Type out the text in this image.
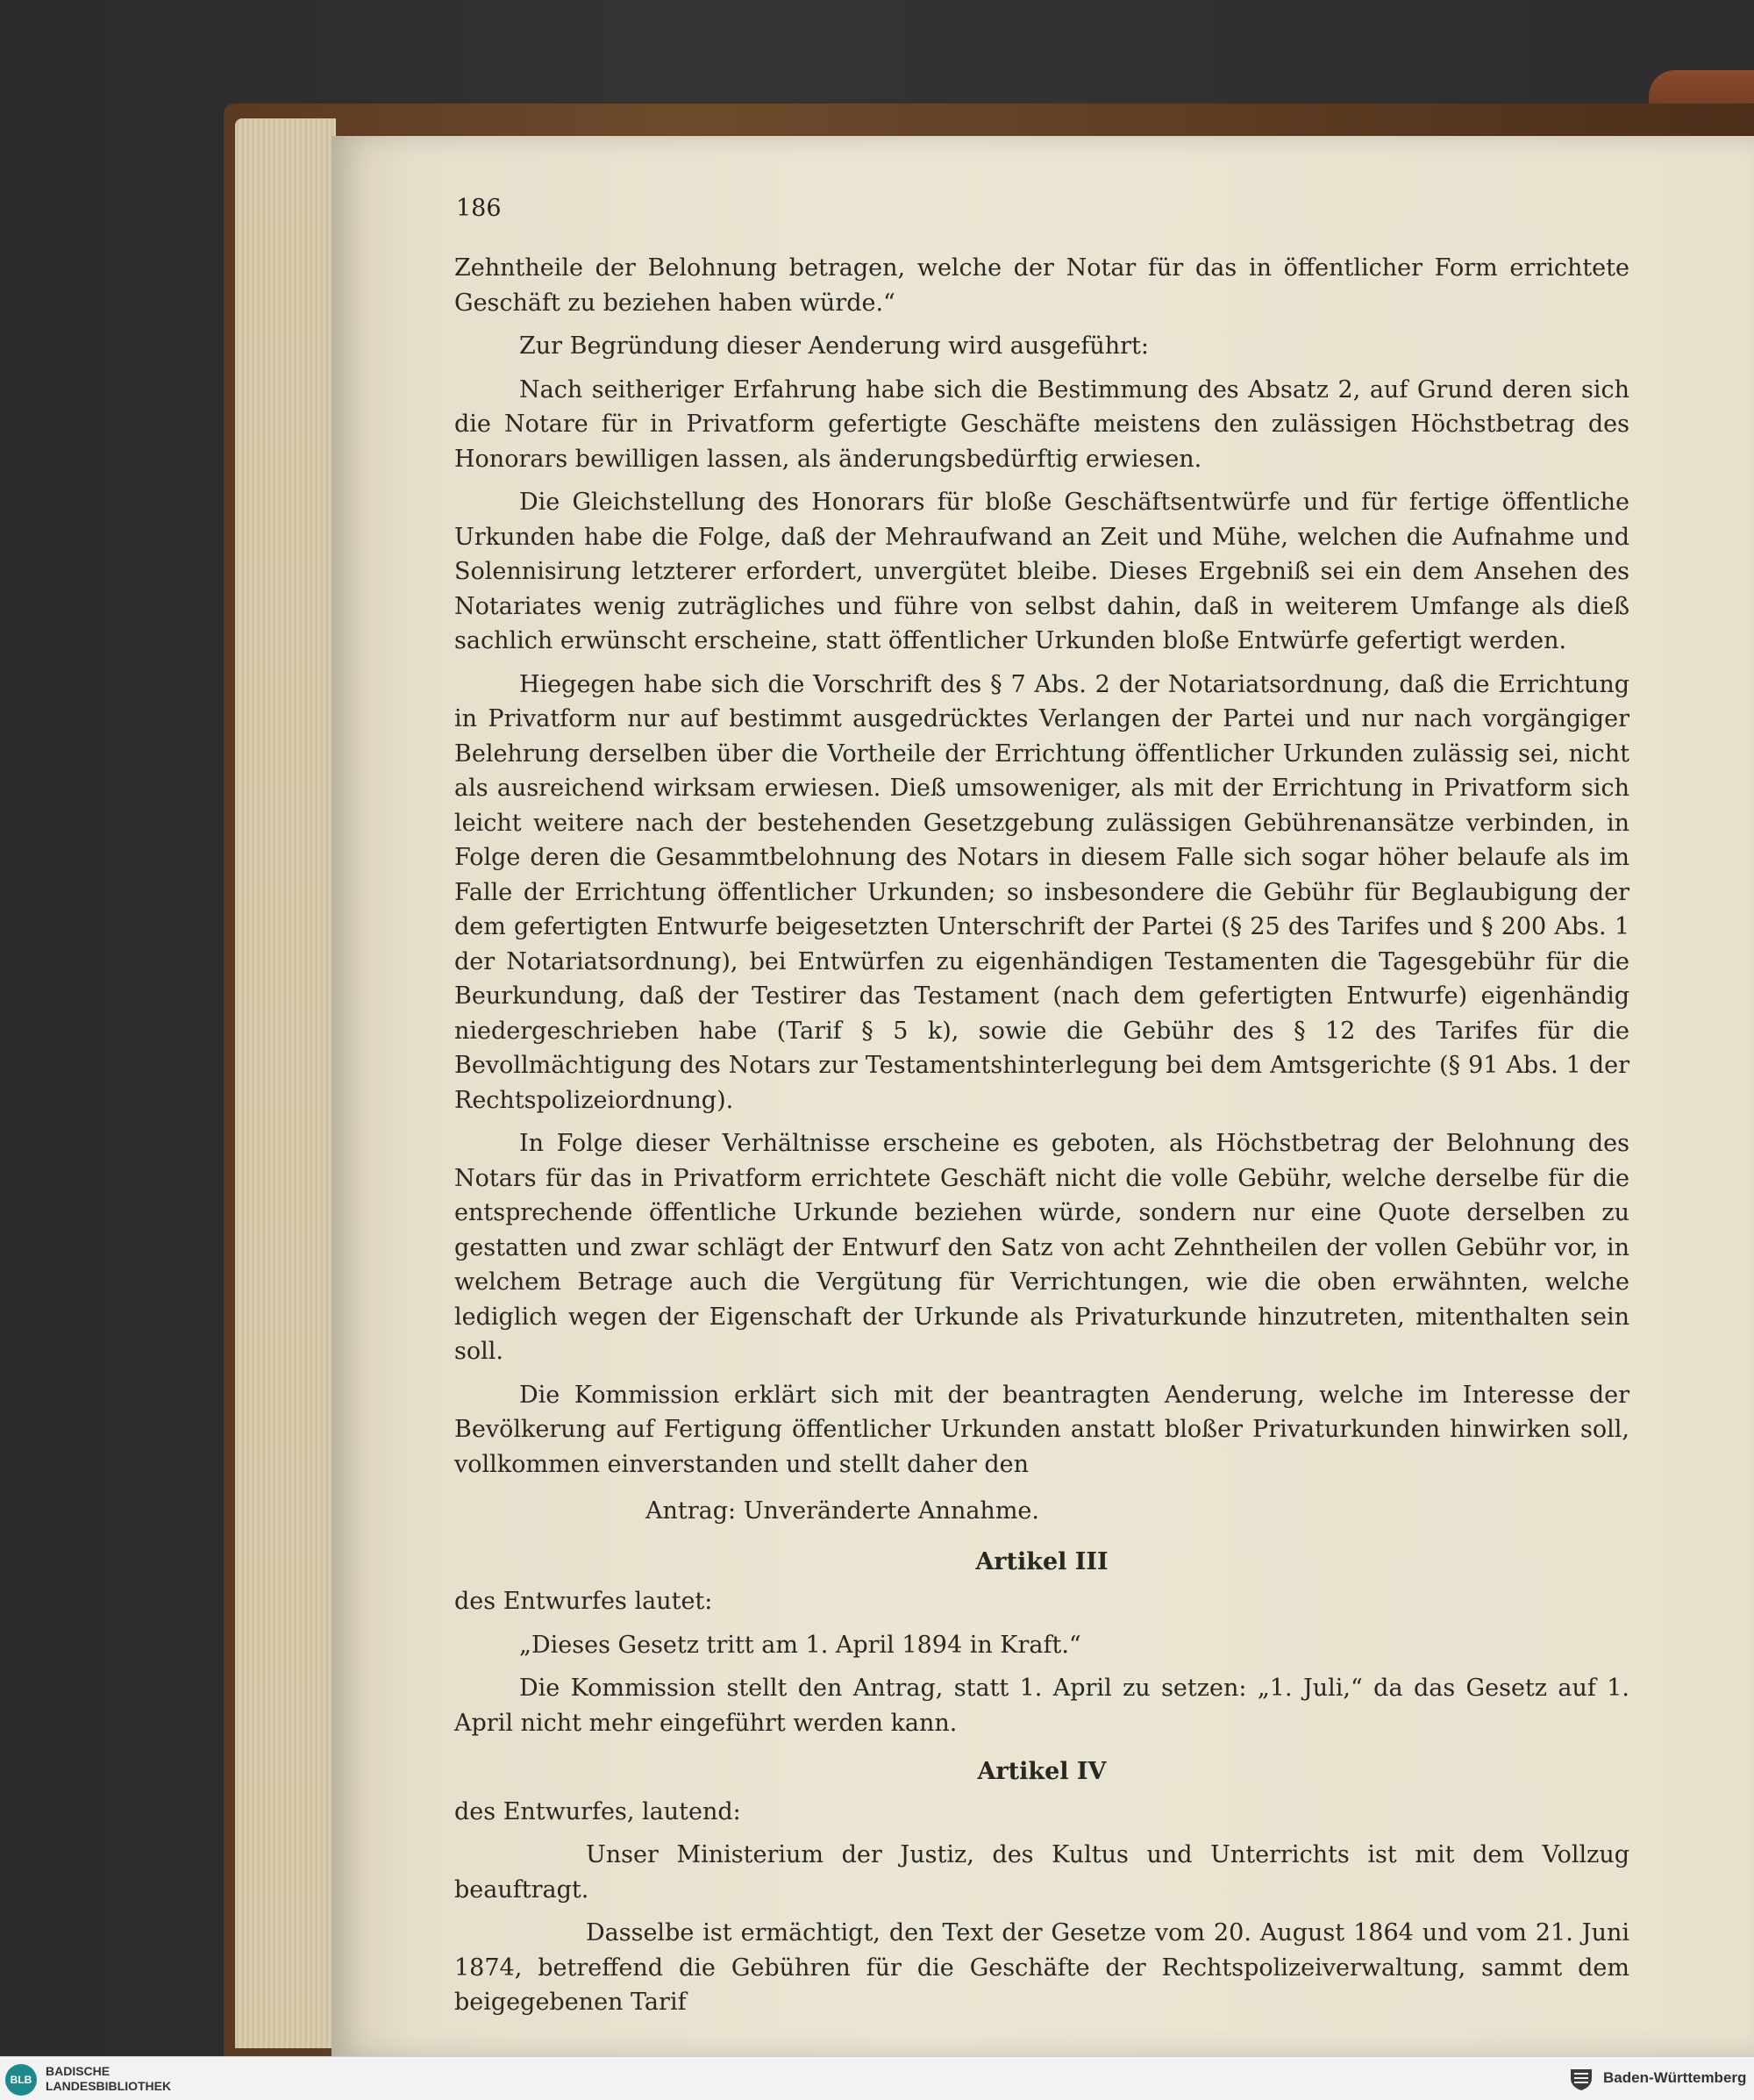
186

Zehntheile der Belohnung betragen, welche der Notar für das in öffentlicher Form errichtete Geschäft zu beziehen haben würde.“

Zur Begründung dieser Aenderung wird ausgeführt:

Nach seitheriger Erfahrung habe sich die Bestimmung des Absatz 2, auf Grund deren sich die Notare für in Privatform gefertigte Geschäfte meistens den zulässigen Höchstbetrag des Honorars bewilligen lassen, als änderungsbedürftig erwiesen.

Die Gleichstellung des Honorars für bloße Geschäftsentwürfe und für fertige öffentliche Urkunden habe die Folge, daß der Mehraufwand an Zeit und Mühe, welchen die Aufnahme und Solennisirung letzterer erfordert, unvergütet bleibe. Dieses Ergebniß sei ein dem Ansehen des Notariates wenig zuträgliches und führe von selbst dahin, daß in weiterem Umfange als dieß sachlich erwünscht erscheine, statt öffentlicher Urkunden bloße Entwürfe gefertigt werden.

Hiegegen habe sich die Vorschrift des § 7 Abs. 2 der Notariatsordnung, daß die Errichtung in Privatform nur auf bestimmt ausgedrücktes Verlangen der Partei und nur nach vorgängiger Belehrung derselben über die Vortheile der Errichtung öffentlicher Urkunden zulässig sei, nicht als ausreichend wirksam erwiesen. Dieß umsoweniger, als mit der Errichtung in Privatform sich leicht weitere nach der bestehenden Gesetzgebung zulässigen Gebührenansätze verbinden, in Folge deren die Gesammtbelohnung des Notars in diesem Falle sich sogar höher belaufe als im Falle der Errichtung öffentlicher Urkunden; so insbesondere die Gebühr für Beglaubigung der dem gefertigten Entwurfe beigesetzten Unterschrift der Partei (§ 25 des Tarifes und § 200 Abs. 1 der Notariatsordnung), bei Entwürfen zu eigenhändigen Testamenten die Tagesgebühr für die Beurkundung, daß der Testirer das Testament (nach dem gefertigten Entwurfe) eigenhändig niedergeschrieben habe (Tarif § 5 k), sowie die Gebühr des § 12 des Tarifes für die Bevollmächtigung des Notars zur Testamentshinterlegung bei dem Amtsgerichte (§ 91 Abs. 1 der Rechtspolizeiordnung).

In Folge dieser Verhältnisse erscheine es geboten, als Höchstbetrag der Belohnung des Notars für das in Privatform errichtete Geschäft nicht die volle Gebühr, welche derselbe für die entsprechende öffentliche Urkunde beziehen würde, sondern nur eine Quote derselben zu gestatten und zwar schlägt der Entwurf den Satz von acht Zehntheilen der vollen Gebühr vor, in welchem Betrage auch die Vergütung für Verrichtungen, wie die oben erwähnten, welche lediglich wegen der Eigenschaft der Urkunde als Privaturkunde hinzutreten, mitenthalten sein soll.

Die Kommission erklärt sich mit der beantragten Aenderung, welche im Interesse der Bevölkerung auf Fertigung öffentlicher Urkunden anstatt bloßer Privaturkunden hinwirken soll, vollkommen einverstanden und stellt daher den

Antrag: Unveränderte Annahme.

Artikel III

des Entwurfes lautet:

„Dieses Gesetz tritt am 1. April 1894 in Kraft.“

Die Kommission stellt den Antrag, statt 1. April zu setzen: „1. Juli,“ da das Gesetz auf 1. April nicht mehr eingeführt werden kann.

Artikel IV

des Entwurfes, lautend:

Unser Ministerium der Justiz, des Kultus und Unterrichts ist mit dem Vollzug beauftragt.

Dasselbe ist ermächtigt, den Text der Gesetze vom 20. August 1864 und vom 21. Juni 1874, betreffend die Gebühren für die Geschäfte der Rechtspolizeiverwaltung, sammt dem beigegebenen Tarif

BLB
BADISCHE
LANDESBIBLIOTHEK	Baden-Württemberg
